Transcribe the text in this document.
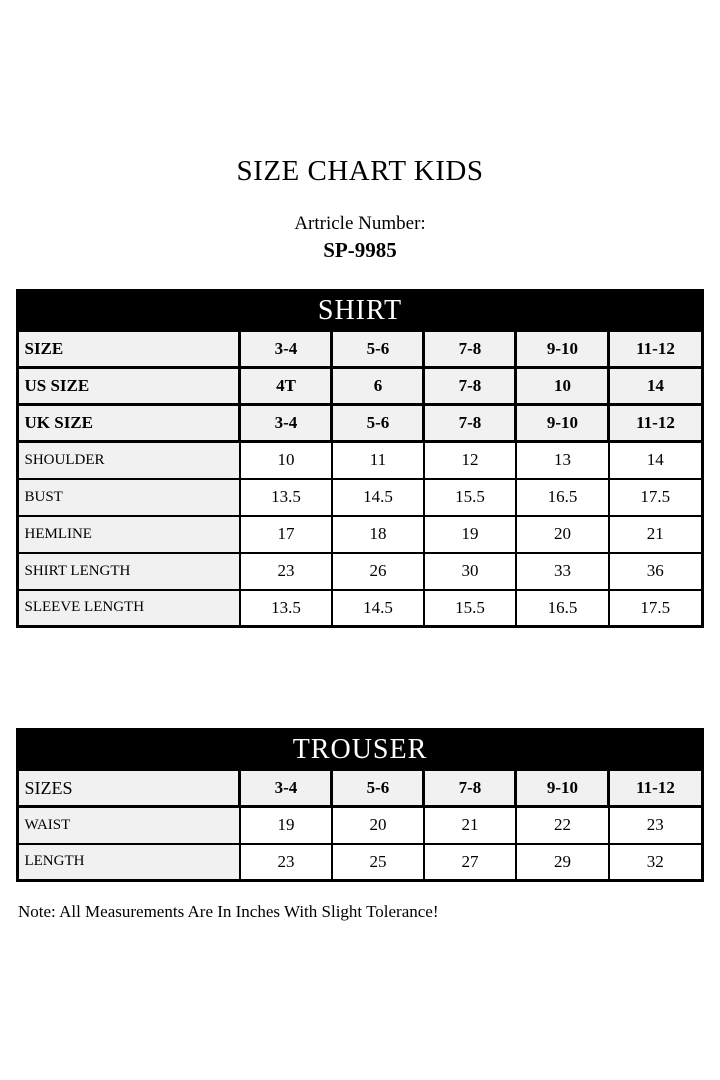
SIZE CHART KIDS
Artricle Number:
SP-9985
SHIRT					
SIZE	3-4	5-6	7-8	9-10	11-12
US SIZE	4T	6	7-8	10	14
UK SIZE	3-4	5-6	7-8	9-10	11-12
SHOULDER	10	11	12	13	14
BUST	13.5	14.5	15.5	16.5	17.5
HEMLINE	17	18	19	20	21
SHIRT LENGTH	23	26	30	33	36
SLEEVE LENGTH	13.5	14.5	15.5	16.5	17.5
TROUSER					
SIZES	3-4	5-6	7-8	9-10	11-12
WAIST	19	20	21	22	23
LENGTH	23	25	27	29	32
Note: All Measurements Are In Inches With Slight Tolerance!
